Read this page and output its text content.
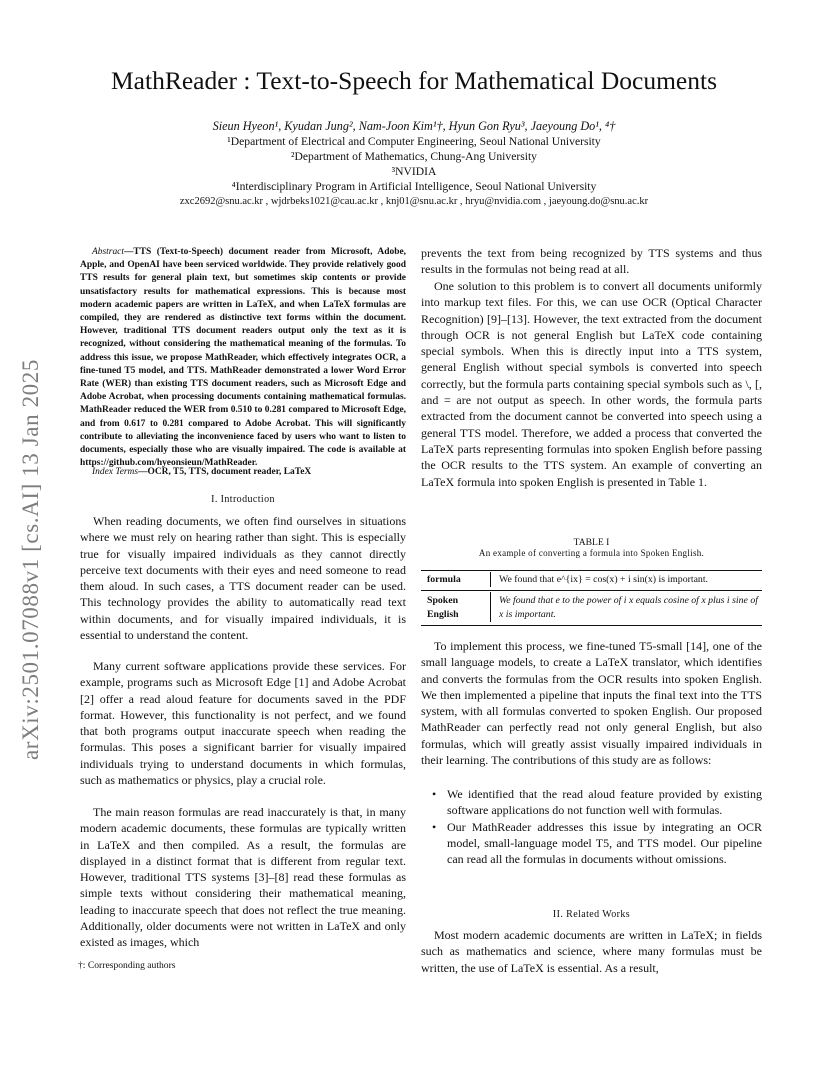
arXiv:2501.07088v1 [cs.AI] 13 Jan 2025
MathReader : Text-to-Speech for Mathematical Documents
Sieun Hyeon¹, Kyudan Jung², Nam-Joon Kim¹†, Hyun Gon Ryu³, Jaeyoung Do¹, ⁴†
¹Department of Electrical and Computer Engineering, Seoul National University
²Department of Mathematics, Chung-Ang University
³NVIDIA
⁴Interdisciplinary Program in Artificial Intelligence, Seoul National University
zxc2692@snu.ac.kr , wjdrbeks1021@cau.ac.kr , knj01@snu.ac.kr , hryu@nvidia.com , jaeyoung.do@snu.ac.kr
Abstract—TTS (Text-to-Speech) document reader from Microsoft, Adobe, Apple, and OpenAI have been serviced worldwide. They provide relatively good TTS results for general plain text, but sometimes skip contents or provide unsatisfactory results for mathematical expressions. This is because most modern academic papers are written in LaTeX, and when LaTeX formulas are compiled, they are rendered as distinctive text forms within the document. However, traditional TTS document readers output only the text as it is recognized, without considering the mathematical meaning of the formulas. To address this issue, we propose MathReader, which effectively integrates OCR, a fine-tuned T5 model, and TTS. MathReader demonstrated a lower Word Error Rate (WER) than existing TTS document readers, such as Microsoft Edge and Adobe Acrobat, when processing documents containing mathematical formulas. MathReader reduced the WER from 0.510 to 0.281 compared to Microsoft Edge, and from 0.617 to 0.281 compared to Adobe Acrobat. This will significantly contribute to alleviating the inconvenience faced by users who want to listen to documents, especially those who are visually impaired. The code is available at https://github.com/hyeonsieun/MathReader.
Index Terms—OCR, T5, TTS, document reader, LaTeX
I. Introduction
When reading documents, we often find ourselves in situations where we must rely on hearing rather than sight. This is especially true for visually impaired individuals as they cannot directly perceive text documents with their eyes and need someone to read them aloud. In such cases, a TTS document reader can be used. This technology provides the ability to automatically read text within documents, and for visually impaired individuals, it is essential to understand the content.
Many current software applications provide these services. For example, programs such as Microsoft Edge [1] and Adobe Acrobat [2] offer a read aloud feature for documents saved in the PDF format. However, this functionality is not perfect, and we found that both programs output inaccurate speech when reading the formulas. This poses a significant barrier for visually impaired individuals trying to understand documents in which formulas, such as mathematics or physics, play a crucial role.
The main reason formulas are read inaccurately is that, in many modern academic documents, these formulas are typically written in LaTeX and then compiled. As a result, the formulas are displayed in a distinct format that is different from regular text. However, traditional TTS systems [3]–[8] read these formulas as simple texts without considering their mathematical meaning, leading to inaccurate speech that does not reflect the true meaning. Additionally, older documents were not written in LaTeX and only existed as images, which
†: Corresponding authors
prevents the text from being recognized by TTS systems and thus results in the formulas not being read at all.
One solution to this problem is to convert all documents uniformly into markup text files. For this, we can use OCR (Optical Character Recognition) [9]–[13]. However, the text extracted from the document through OCR is not general English but LaTeX code containing special symbols. When this is directly input into a TTS system, general English without special symbols is converted into speech correctly, but the formula parts containing special symbols such as \, [, and = are not output as speech. In other words, the formula parts extracted from the document cannot be converted into speech using a general TTS model. Therefore, we added a process that converted the LaTeX parts representing formulas into spoken English before passing the OCR results to the TTS system. An example of converting an LaTeX formula into spoken English is presented in Table 1.
TABLE I
An example of converting a formula into Spoken English.
formula	We found that e^{ix} = cos(x) + i sin(x) is important.
Spoken English
We found that e to the power of i x equals cosine of x plus i sine of x is important.
To implement this process, we fine-tuned T5-small [14], one of the small language models, to create a LaTeX translator, which identifies and converts the formulas from the OCR results into spoken English. We then implemented a pipeline that inputs the final text into the TTS system, with all formulas converted to spoken English. Our proposed MathReader can perfectly read not only general English, but also formulas, which will greatly assist visually impaired individuals in their learning. The contributions of this study are as follows:
• We identified that the read aloud feature provided by existing software applications do not function well with formulas.
• Our MathReader addresses this issue by integrating an OCR model, small-language model T5, and TTS model. Our pipeline can read all the formulas in documents without omissions.
II. Related Works
Most modern academic documents are written in LaTeX; in fields such as mathematics and science, where many formulas must be written, the use of LaTeX is essential. As a result,
